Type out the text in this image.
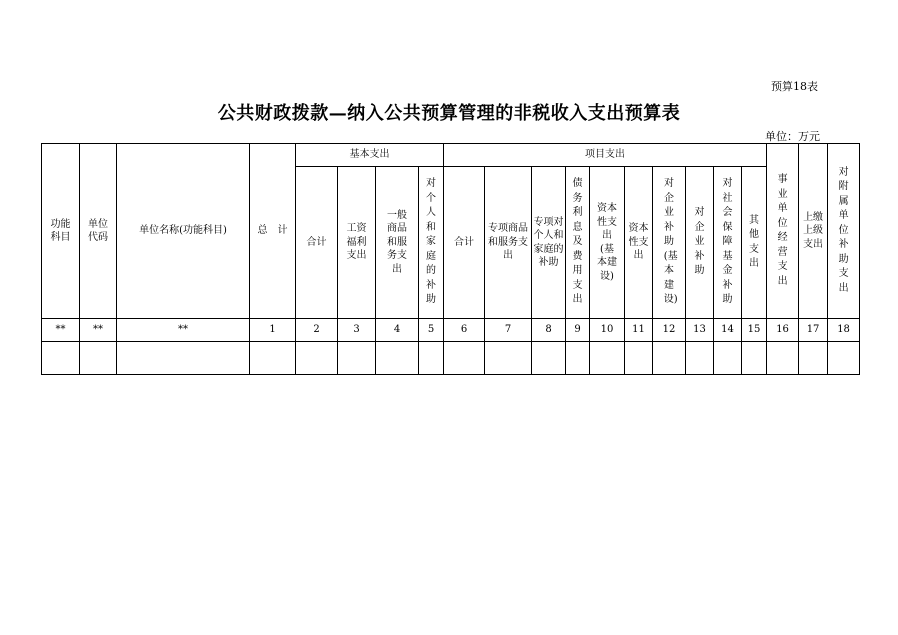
预算18表
公共财政拨款—纳入公共预算管理的非税收入支出预算表
单位：万元
功能科目	单位代码	单位名称(功能科目)	总　计	基本支出				项目支出										事业单位经营支出	上缴上级支出	对附属单位补助支出
				合计	工资福利支出	一般商品和服务支出	对个人和家庭的补助	合计	专项商品和服务支出	专项对个人和家庭的补助	债务利息及费用支出	资本性支出(基本建设)	资本性支出	对企业补助(基本建设)	对企业补助	对社会保障基金补助	其他支出			
**	**	**	1	2	3	4	5	6	7	8	9	10	11	12	13	14	15	16	17	18
